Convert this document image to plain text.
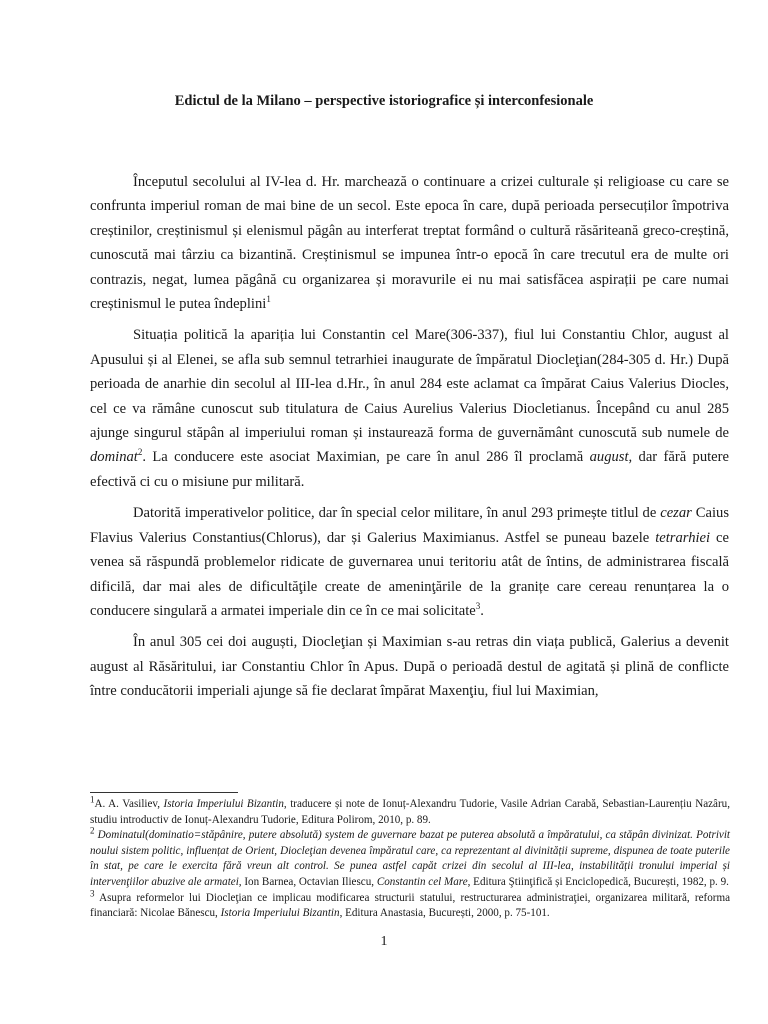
Edictul de la Milano – perspective istoriografice și interconfesionale

Începutul secolului al IV-lea d. Hr. marchează o continuare a crizei culturale și religioase cu care se confrunta imperiul roman de mai bine de un secol. Este epoca în care, după perioada persecuților împotriva creștinilor, creștinismul și elenismul păgân au interferat treptat formând o cultură răsăriteană greco-creștină, cunoscută mai târziu ca bizantină. Creștinismul se impunea într-o epocă în care trecutul era de multe ori contrazis, negat, lumea păgână cu organizarea și moravurile ei nu mai satisfăcea aspirații pe care numai creștinismul le putea îndeplini$^1$

Situația politică la apariția lui Constantin cel Mare(306-337), fiul lui Constantiu Chlor, august al Apusului și al Elenei, se afla sub semnul tetrarhiei inaugurate de împăratul Diocleţian(284-305 d. Hr.) După perioada de anarhie din secolul al III-lea d.Hr., în anul 284 este aclamat ca împărat Caius Valerius Diocles, cel ce va rămâne cunoscut sub titulatura de Caius Aurelius Valerius Diocletianus. Începând cu anul 285 ajunge singurul stăpân al imperiului roman și instaurează forma de guvernământ cunoscută sub numele de dominat$^2$. La conducere este asociat Maximian, pe care în anul 286 îl proclamă august, dar fără putere efectivă ci cu o misiune pur militară.

Datorită imperativelor politice, dar în special celor militare, în anul 293 primește titlul de cezar Caius Flavius Valerius Constantius(Chlorus), dar și Galerius Maximianus. Astfel se puneau bazele tetrarhiei ce venea să răspundă problemelor ridicate de guvernarea unui teritoriu atât de întins, de administrarea fiscală dificilă, dar mai ales de dificultăţile create de ameninţările de la granițe care cereau renunțarea la o conducere singulară a armatei imperiale din ce în ce mai solicitate$^3$.

În anul 305 cei doi auguști, Diocleţian și Maximian s-au retras din viața publică, Galerius a devenit august al Răsăritului, iar Constantiu Chlor în Apus. După o perioadă destul de agitată și plină de conflicte între conducătorii imperiali ajunge să fie declarat împărat Maxenţiu, fiul lui Maximian,

$^1$A. A. Vasiliev, Istoria Imperiului Bizantin, traducere și note de Ionuț-Alexandru Tudorie, Vasile Adrian Carabă, Sebastian-Laurențiu Nazâru, studiu introductiv de Ionuț-Alexandru Tudorie, Editura Polirom, 2010, p. 89.

$^2$ Dominatul(dominatio=stăpânire, putere absolută) system de guvernare bazat pe puterea absolută a împăratului, ca stăpân divinizat. Potrivit noului sistem politic, influențat de Orient, Diocleţian devenea împăratul care, ca reprezentant al divinității supreme, dispunea de toate puterile în stat, pe care le exercita fără vreun alt control. Se punea astfel capăt crizei din secolul al III-lea, instabilității tronului imperial și intervenţiilor abuzive ale armatei, Ion Barnea, Octavian Iliescu, Constantin cel Mare, Editura Ştiinţifică și Enciclopedică, București, 1982, p. 9.

$^3$ Asupra reformelor lui Diocleţian ce implicau modificarea structurii statului, restructurarea administraţiei, organizarea militară, reforma financiară: Nicolae Bănescu, Istoria Imperiului Bizantin, Editura Anastasia, București, 2000, p. 75-101.

1
